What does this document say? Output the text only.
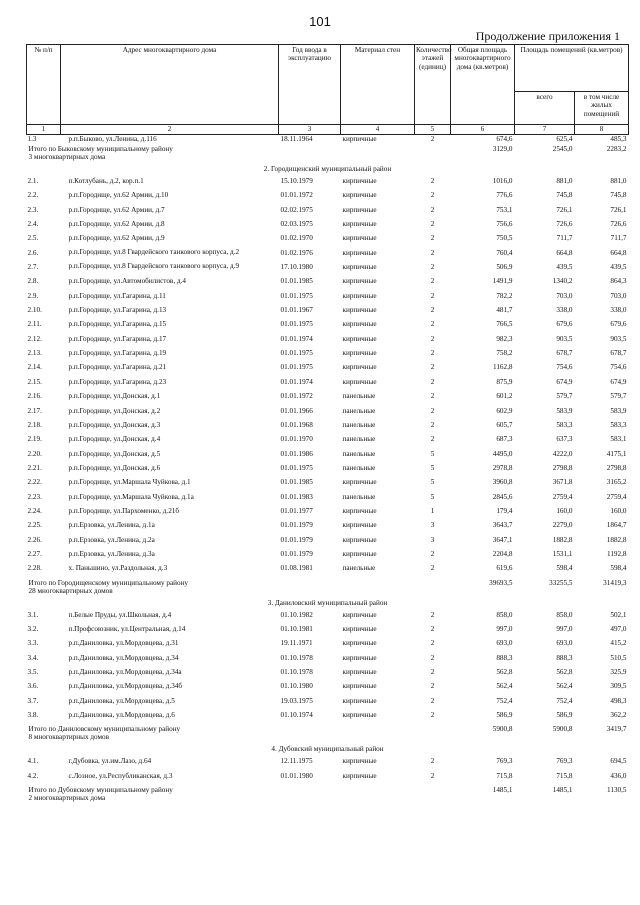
101
Продолжение приложения 1
№ п/п	Адрес многоквартирного дома	Год ввода в эксплуатацию	Материал стен	Количество этажей (единиц)	Общая площадь многоквартирного дома (кв.метров)	Площадь помещений (кв.метров)	
						всего	в том числе жилых помещений
1	2	3	4	5	6	7	8
1.3	р.п.Быково, ул.Ленина, д.116	18.11.1964	кирпичные	2	674,6	625,4	485,3

Итого по Быковскому муниципальному району
3 многоквартирных дома					3129,0	2545,0	2283,2
2. Городищенский муниципальный район							
2.1.	п.Котлубань, д.2, кор.п.1	15.10.1979	кирпичные	2	1016,0	881,0	881,0
2.2.	р.п.Городище, ул.62 Армии, д.10	01.01.1972	кирпичные	2	776,6	745,8	745,8
2.3.	р.п.Городище, ул.62 Армии, д.7	02.02.1975	кирпичные	2	753,1	726,1	726,1
2.4.	р.п.Городище, ул.62 Армии, д.8	02.03.1975	кирпичные	2	756,6	726,6	726,6
2.5.	р.п.Городище, ул.62 Армии, д.9	01.02.1970	кирпичные	2	750,5	711,7	711,7
2.6.	р.п.Городище, ул.8 Гвардейского танкового корпуса, д.2	01.02.1976	кирпичные	2	760,4	664,8	664,8
2.7.	р.п.Городище, ул.8 Гвардейского танкового корпуса, д.9	17.10.1980	кирпичные	2	506,9	439,5	439,5
2.8.	р.п.Городище, ул.Автомобилистов, д.4	01.01.1985	кирпичные	2	1491,9	1340,2	864,3
2.9.	р.п.Городище, ул.Гагарина, д.11	01.01.1975	кирпичные	2	782,2	703,0	703,0
2.10.	р.п.Городище, ул.Гагарина, д.13	01.01.1967	кирпичные	2	481,7	338,0	338,0
2.11.	р.п.Городище, ул.Гагарина, д.15	01.01.1975	кирпичные	2	766,5	679,6	679,6
2.12.	р.п.Городище, ул.Гагарина, д.17	01.01.1974	кирпичные	2	982,3	903,5	903,5
2.13.	р.п.Городище, ул.Гагарина, д.19	01.01.1975	кирпичные	2	758,2	678,7	678,7
2.14.	р.п.Городище, ул.Гагарина, д.21	01.01.1975	кирпичные	2	1162,8	754,6	754,6
2.15.	р.п.Городище, ул.Гагарина, д.23	01.01.1974	кирпичные	2	875,9	674,9	674,9
2.16.	р.п.Городище, ул.Донская, д.1	01.01.1972	панельные	2	601,2	579,7	579,7
2.17.	р.п.Городище, ул.Донская, д.2	01.01.1966	панельные	2	602,9	583,9	583,9
2.18.	р.п.Городище, ул.Донская, д.3	01.01.1968	панельные	2	605,7	583,3	583,3
2.19.	р.п.Городище, ул.Донская, д.4	01.01.1970	панельные	2	687,3	637,3	583,1
2.20.	р.п.Городище, ул.Донская, д.5	01.01.1986	панельные	5	4495,0	4222,0	4175,1
2.21.	р.п.Городище, ул.Донская, д.6	01.01.1975	панельные	5	2978,8	2798,8	2798,8
2.22.	р.п.Городище, ул.Маршала Чуйкова, д.1	01.01.1985	кирпичные	5	3960,8	3671,8	3165,2
2.23.	р.п.Городище, ул.Маршала Чуйкова, д.1а	01.01.1983	панельные	5	2845,6	2759,4	2759,4
2.24.	р.п.Городище, ул.Пархоменко, д.21б	01.01.1977	кирпичные	1	179,4	160,0	160,0
2.25.	р.п.Ерзовка, ул.Ленина, д.1а	01.01.1979	кирпичные	3	3643,7	2279,0	1864,7
2.26.	р.п.Ерзовка, ул.Ленина, д.2а	01.01.1979	кирпичные	3	3647,1	1882,8	1882,8
2.27.	р.п.Ерзовка, ул.Ленина, д.3а	01.01.1979	кирпичные	2	2204,8	1531,1	1192,8
2.28.	х. Паньшино, ул.Раздольная, д.3	01.08.1981	панельные	2	619,6	598,4	598,4

Итого по Городищенскому муниципальному району
28 многоквартирных домов					39693,5	33255,5	31419,3
3. Даниловский муниципальный район							
3.1.	п.Белые Пруды, ул.Школьная, д.4	01.10.1982	кирпичные	2	858,0	858,0	502,1
3.2.	п.Профсоюзник, ул.Центральная, д.14	01.10.1981	кирпичные	2	997,0	997,0	497,0
3.3.	р.п.Даниловка, ул.Мордовцева, д.31	19.11.1971	кирпичные	2	693,0	693,0	415,2
3.4.	р.п.Даниловка, ул.Мордовцева, д.34	01.10.1978	кирпичные	2	888,3	888,3	510,5
3.5.	р.п.Даниловка, ул.Мордовцева, д.34а	01.10.1978	кирпичные	2	562,8	562,8	325,9
3.6.	р.п.Даниловка, ул.Мордовцева, д.34б	01.10.1980	кирпичные	2	562,4	562,4	309,5
3.7.	р.п.Даниловка, ул.Мордовцева, д.5	19.03.1975	кирпичные	2	752,4	752,4	498,3
3.8.	р.п.Даниловка, ул.Мордовцева, д.6	01.10.1974	кирпичные	2	586,9	586,9	362,2

Итого по Даниловскому муниципальному району
8 многоквартирных домов					5900,8	5900,8	3419,7
4. Дубовский муниципальный район							
4.1.	г.Дубовка, ул.им.Лазо, д.64	12.11.1975	кирпичные	2	769,3	769,3	694,5
4.2.	с.Лозное, ул.Республиканская, д.3	01.01.1980	кирпичные	2	715,8	715,8	436,0

Итого по Дубовскому муниципальному району
2 многоквартирных дома					1485,1	1485,1	1130,5
